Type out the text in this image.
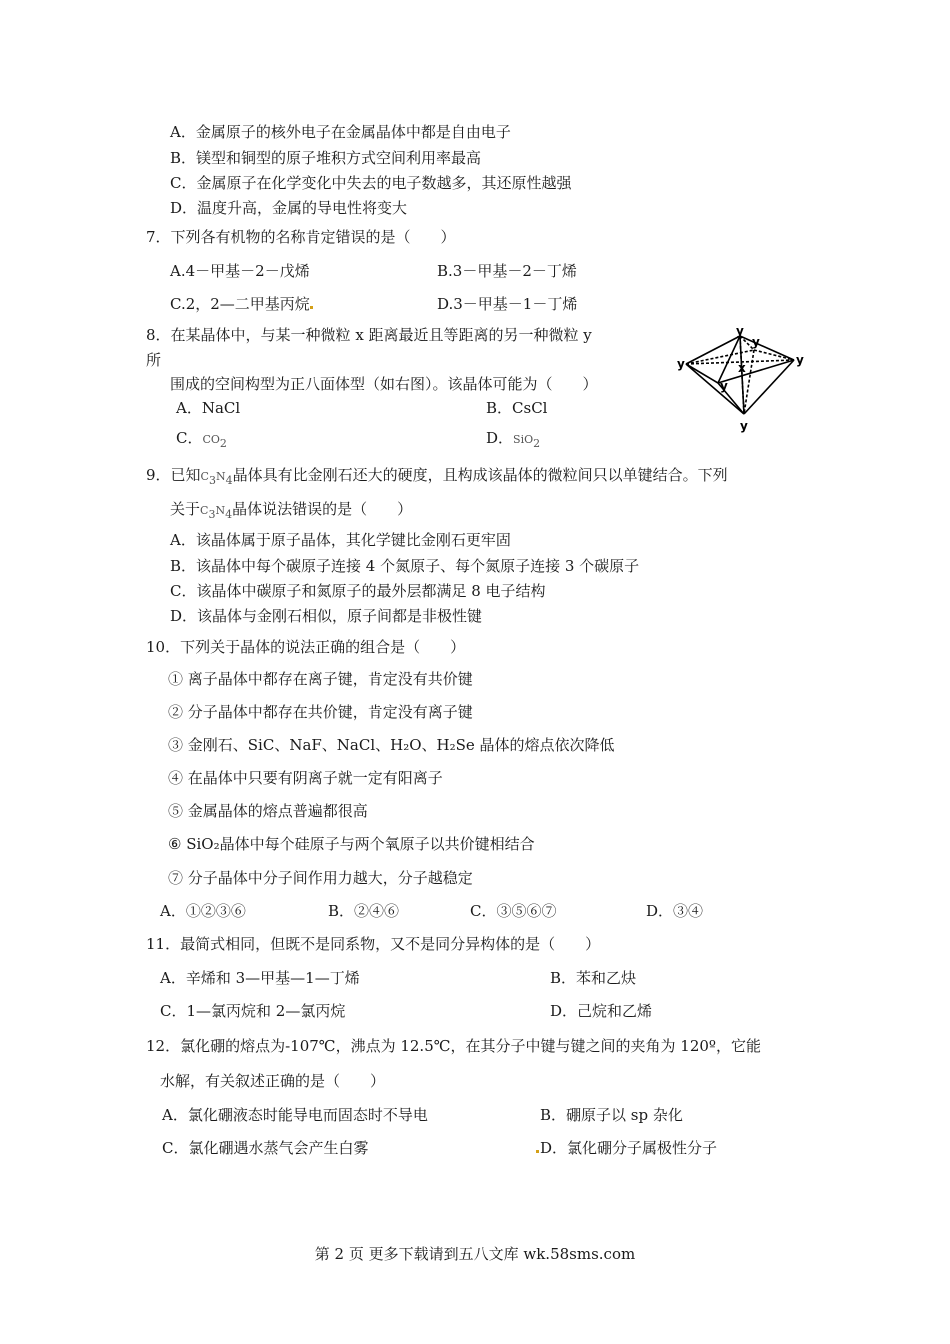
A．金属原子的核外电子在金属晶体中都是自由电子
B．镁型和铜型的原子堆积方式空间利用率最高
C．金属原子在化学变化中失去的电子数越多，其还原性越强
D．温度升高，金属的导电性将变大
7．下列各有机物的名称肯定错误的是（　　）
A.4－甲基－2－戊烯	B.3－甲基－2－丁烯
C.2，2—二甲基丙烷	D.3－甲基－1－丁烯
8．在某晶体中，与某一种微粒 x 距离最近且等距离的另一种微粒 y
所
围成的空间构型为正八面体型（如右图）。该晶体可能为（　　）
A．NaCl	B．CsCl
C．$CO_2$	D．SiO$_2$
y
y	y
y
y
y
x
9．已知$C_3N_4$晶体具有比金刚石还大的硬度，且构成该晶体的微粒间只以单键结合。下列
关于$C_3N_4$晶体说法错误的是（　　）
A．该晶体属于原子晶体，其化学键比金刚石更牢固
B．该晶体中每个碳原子连接 4 个氮原子、每个氮原子连接 3 个碳原子
C．该晶体中碳原子和氮原子的最外层都满足 8 电子结构
D．该晶体与金刚石相似，原子间都是非极性键
10．下列关于晶体的说法正确的组合是（　　）
① 离子晶体中都存在离子键，肯定没有共价键
② 分子晶体中都存在共价键，肯定没有离子键
③ 金刚石、SiC、NaF、NaCl、H₂O、H₂Se 晶体的熔点依次降低
④ 在晶体中只要有阴离子就一定有阳离子
⑤ 金属晶体的熔点普遍都很高
⑥ SiO₂晶体中每个硅原子与两个氧原子以共价键相结合
⑦ 分子晶体中分子间作用力越大，分子越稳定
A．①②③⑥	B．②④⑥	C．③⑤⑥⑦	D．③④
11．最简式相同，但既不是同系物，又不是同分异构体的是（　　）
A．辛烯和 3—甲基—1—丁烯	B．苯和乙炔
C．1—氯丙烷和 2—氯丙烷	D．己烷和乙烯
12．氯化硼的熔点为-107℃，沸点为 12.5℃，在其分子中键与键之间的夹角为 120º，它能
水解，有关叙述正确的是（　　）
A．氯化硼液态时能导电而固态时不导电	B．硼原子以 sp 杂化
C．氯化硼遇水蒸气会产生白雾	D．氯化硼分子属极性分子
第 2 页 更多下载请到五八文库 wk.58sms.com
